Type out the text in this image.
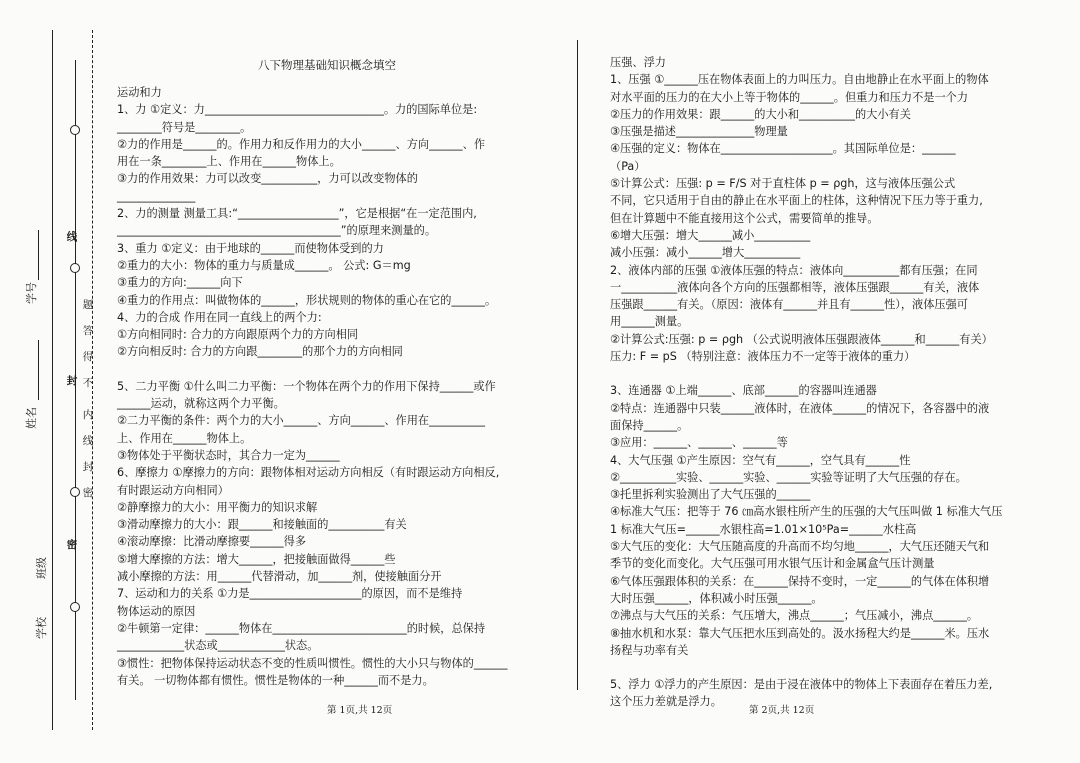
学号
姓名
班级
学校
线
封
密
题
答
得
不
内
线
封
密
八下物理基础知识概念填空

运动和力

1、力 ①定义：力________________________________。力的国际单位是:

________符号是________。

②力的作用是______的。作用力和反作用力的大小______、方向______、作

用在一条________上、作用在______物体上。

③力的作用效果：力可以改变__________，力可以改变物体的

______________

2、力的测量 测量工具:“__________________”，它是根据“在一定范围内,

________________________________________”的原理来测量的。

3、重力 ①定义：由于地球的______而使物体受到的力

②重力的大小：物体的重力与质量成______。 公式: G＝mg

③重力的方向:______向下

④重力的作用点：叫做物体的______，形状规则的物体的重心在它的______。

4、力的合成 作用在同一直线上的两个力:

①方向相同时: 合力的方向跟原两个力的方向相同

②方向相反时: 合力的方向跟________的那个力的方向相同

5、二力平衡 ①什么叫二力平衡：一个物体在两个力的作用下保持______或作

______运动，就称这两个力平衡。

②二力平衡的条件：两个力的大小______、方向______、作用在__________

上、作用在______物体上。

③物体处于平衡状态时，其合力一定为______

6、摩擦力 ①摩擦力的方向：跟物体相对运动方向相反（有时跟运动方向相反,

有时跟运动方向相同）

②静摩擦力的大小：用平衡力的知识求解

③滑动摩擦力的大小：跟______和接触面的__________有关

④滚动摩擦：比滑动摩擦要______得多

⑤增大摩擦的方法：增大______，把接触面做得______些

减小摩擦的方法：用______代替滑动，加______剂，使接触面分开

7、运动和力的关系 ①力是____________________的原因，而不是维持

物体运动的原因

②牛顿第一定律：______物体在________________________的时候，总保持

____________状态或____________状态。

③惯性：把物体保持运动状态不变的性质叫惯性。惯性的大小只与物体的______

有关。 一切物体都有惯性。惯性是物体的一种______而不是力。

第 1页,共 12页

压强、浮力

1、压强 ①______压在物体表面上的力叫压力。自由地静止在水平面上的物体

对水平面的压力的在大小上等于物体的______。但重力和压力不是一个力

②压力的作用效果：跟______的大小和__________的大小有关

③压强是描述______________物理量

④压强的定义：物体在____________________。其国际单位是：______

（Pa）

⑤计算公式：压强: p = F/S 对于直柱体 p = ρgh，这与液体压强公式

不同，它只适用于自由的静止在水平面上的柱体，这种情况下压力等于重力,

但在计算题中不能直接用这个公式，需要简单的推导。

⑥增大压强：增大______减小__________

减小压强：减小______增大__________

2、液体内部的压强 ①液体压强的特点：液体向__________都有压强；在同

一__________液体向各个方向的压强都相等，液体压强跟______有关，液体

压强跟______有关。（原因：液体有______并且有______性），液体压强可

用______测量。

②计算公式:压强: p = ρgh （公式说明液体压强跟液体______和______有关）

压力: F = pS （特别注意：液体压力不一定等于液体的重力）

3、连通器 ①上端______、底部______的容器叫连通器

②特点：连通器中只装______液体时，在液体______的情况下，各容器中的液

面保持______。

③应用：______、______、______等

4、大气压强 ①产生原因：空气有______，空气具有______性

②__________实验、______实验、______实验等证明了大气压强的存在。

③托里拆利实验测出了大气压强的______

④标准大气压：把等于 76 ㎝高水银柱所产生的压强的大气压叫做 1 标准大气压

1 标准大气压=______水银柱高=1.01×10⁵Pa=______水柱高

⑤大气压的变化：大气压随高度的升高而不均匀地______，大气压还随天气和

季节的变化而变化。大气压强可用水银气压计和金属盒气压计测量

⑥气体压强跟体积的关系：在______保持不变时，一定______的气体在体积增

大时压强______，体积减小时压强______。

⑦沸点与大气压的关系：气压增大，沸点______；气压减小，沸点______。

⑧抽水机和水泵：靠大气压把水压到高处的。汲水扬程大约是______米。压水

扬程与功率有关

5、浮力 ①浮力的产生原因：是由于浸在液体中的物体上下表面存在着压力差,

这个压力差就是浮力。

第 2页,共 12页
